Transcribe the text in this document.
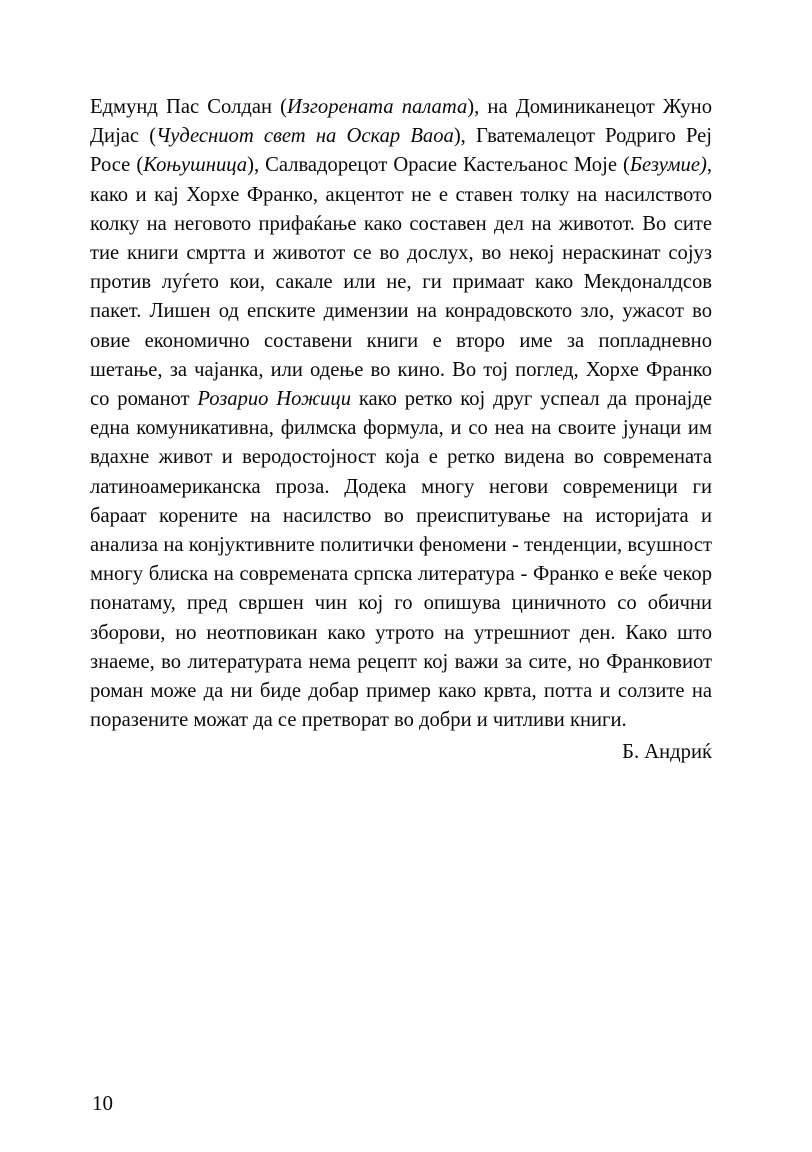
Едмунд Пас Солдан (Изгорената палата), на Доминиканецот Жуно Дијас (Чудесниот свет на Оскар Ваоа), Гватемалецот Родриго Реј Росе (Коњушница), Салвадорецот Орасие Кастељанос Моје (Безумие), како и кај Хорхе Франко, акцентот не е ставен толку на насилството колку на неговото прифаќање како составен дел на животот. Во сите тие книги смртта и животот се во дослух, во некој нераскинат сојуз против луѓето кои, сакале или не, ги примаат како Мекдоналдсов пакет. Лишен од епските димензии на конрадовското зло, ужасот во овие економично составени книги е второ име за попладневно шетање, за чајанка, или одење во кино. Во тој поглед, Хорхе Франко со романот Розарио Ножици како ретко кој друг успеал да пронајде една комуникативна, филмска формула, и со неа на своите јунаци им вдахне живот и веродостојност која е ретко видена во современата латиноамериканска проза. Додека многу негови современици ги бараат корените на насилство во преиспитување на историјата и анализа на конјуктивните политички феномени - тенденции, всушност многу блиска на современата српска литература - Франко е веќе чекор понатаму, пред свршен чин кој го опишува циничното со обични зборови, но неотповикан како утрото на утрешниот ден. Како што знаеме, во литературата нема рецепт кој важи за сите, но Франковиот роман може да ни биде добар пример како крвта, потта и солзите на поразените можат да се претворат во добри и читливи книги.

Б. Андриќ
10
